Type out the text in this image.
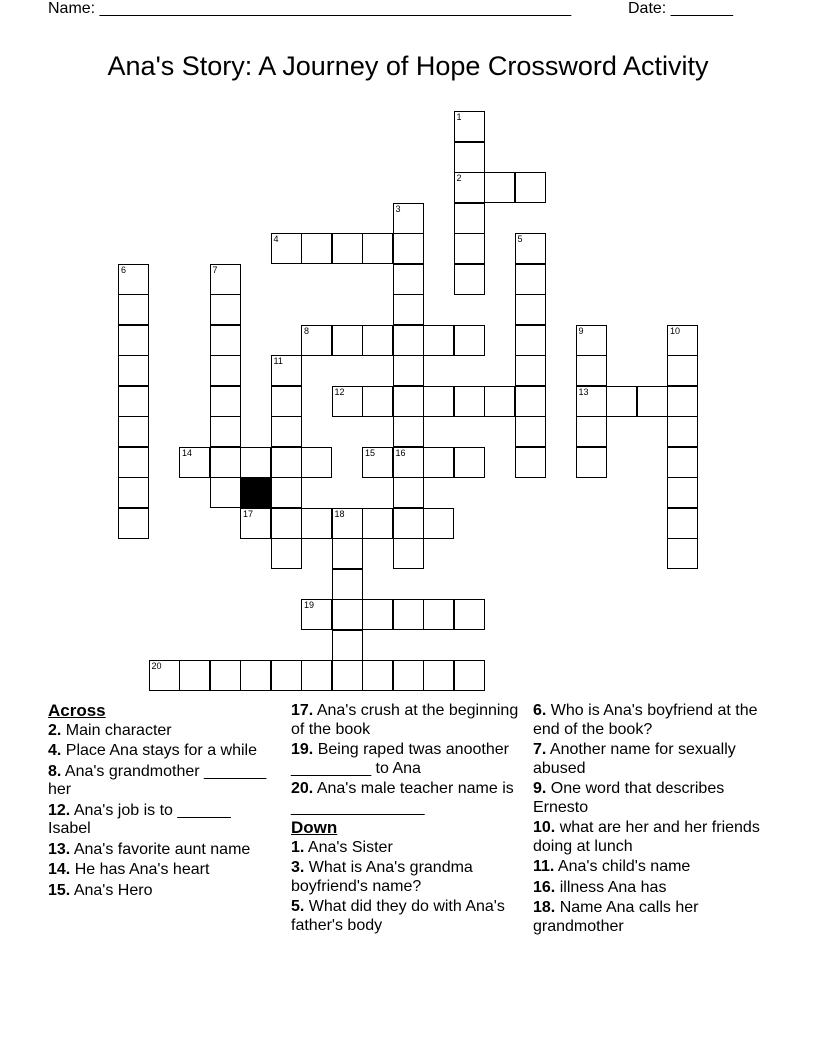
Name: _____________________________________________________	Date: _______
Ana's Story: A Journey of Hope Crossword Activity
1
2
3
16
4	5
6	7
8	9
13
10
11
12
14	15
17	18
19
20
Across
2. Main character
4. Place Ana stays for a while
8. Ana's grandmother _______ her
12. Ana's job is to ______ Isabel
13. Ana's favorite aunt name
14. He has Ana's heart
15. Ana's Hero
17. Ana's crush at the beginning of the book
19. Being raped twas anoother _________ to Ana
20. Ana's male teacher name is _______________
Down
1. Ana's Sister
3. What is Ana's grandma boyfriend's name?
5. What did they do with Ana's father's body
6. Who is Ana's boyfriend at the end of the book?
7. Another name for sexually abused
9. One word that describes Ernesto
10. what are her and her friends doing at lunch
11. Ana's child's name
16. illness Ana has
18. Name Ana calls her grandmother
